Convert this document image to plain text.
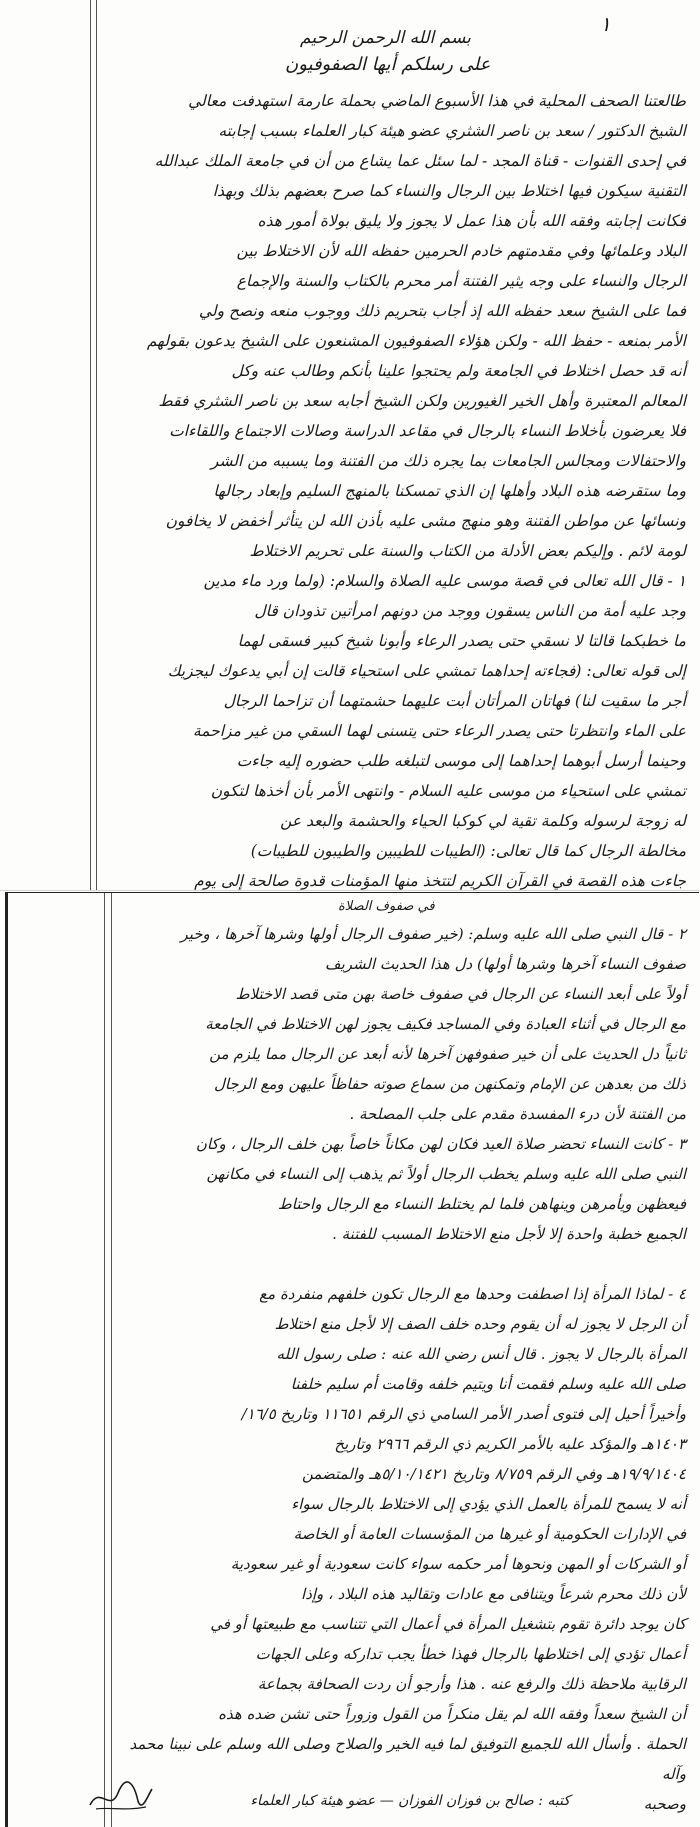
١
بسم الله الرحمن الرحيم
على رسلكم أيها الصفوفيون
طالعتنا الصحف المحلية في هذا الأسبوع الماضي بحملة عارمة استهدفت معالي
الشيخ الدكتور / سعد بن ناصر الشثري عضو هيئة كبار العلماء بسبب إجابته
في إحدى القنوات - قناة المجد - لما سئل عما يشاع من أن في جامعة الملك عبدالله
التقنية سيكون فيها اختلاط بين الرجال والنساء كما صرح بعضهم بذلك وبهذا
فكانت إجابته وفقه الله بأن هذا عمل لا يجوز ولا يليق بولاة أمور هذه
البلاد وعلمائها وفي مقدمتهم خادم الحرمين حفظه الله لأن الاختلاط بين
الرجال والنساء على وجه يثير الفتنة أمر محرم بالكتاب والسنة والإجماع
فما على الشيخ سعد حفظه الله إذ أجاب بتحريم ذلك ووجوب منعه ونصح ولي
الأمر بمنعه - حفظ الله - ولكن هؤلاء الصفوفيون المشنعون على الشيخ يدعون بقولهم
أنه قد حصل اختلاط في الجامعة ولم يحتجوا علينا بأنكم وطالب عنه وكل
المعالم المعتبرة وأهل الخير الغيورين ولكن الشيخ أجابه سعد بن ناصر الشثري فقط
فلا يعرضون بأخلاط النساء بالرجال في مقاعد الدراسة وصالات الاجتماع واللقاءات
والاحتفالات ومجالس الجامعات بما يجره ذلك من الفتنة وما يسببه من الشر
وما ستقرضه هذه البلاد وأهلها إن الذي تمسكنا بالمنهج السليم وإبعاد رجالها
ونسائها عن مواطن الفتنة وهو منهج مشى عليه بأذن الله لن يتأثر أخفض لا يخافون
لومة لائم . وإليكم بعض الأدلة من الكتاب والسنة على تحريم الاختلاط
١ - قال الله تعالى في قصة موسى عليه الصلاة والسلام: (ولما ورد ماء مدين
وجد عليه أمة من الناس يسقون ووجد من دونهم امرأتين تذودان قال
ما خطبكما قالتا لا نسقي حتى يصدر الرعاء وأبونا شيخ كبير فسقى لهما
إلى قوله تعالى: (فجاءته إحداهما تمشي على استحياء قالت إن أبي يدعوك ليجزيك
أجر ما سقيت لنا) فهاتان المرأتان أبت عليهما حشمتهما أن تزاحما الرجال
على الماء وانتظرتا حتى يصدر الرعاء حتى يتسنى لهما السقي من غير مزاحمة
وحينما أرسل أبوهما إحداهما إلى موسى لتبلغه طلب حضوره إليه جاءت
تمشي على استحياء من موسى عليه السلام - وانتهى الأمر بأن أخذها لتكون
له زوجة لرسوله وكلمة تقية لي كوكبا الحياء والحشمة والبعد عن
مخالطة الرجال كما قال تعالى: (الطيبات للطيبين والطيبون للطيبات)
جاءت هذه القصة في القرآن الكريم لتتخذ منها المؤمنات قدوة صالحة إلى يوم
في صفوف الصلاة
٢ - قال النبي صلى الله عليه وسلم: (خير صفوف الرجال أولها وشرها آخرها ، وخير
صفوف النساء آخرها وشرها أولها) دل هذا الحديث الشريف
أولاً على أبعد النساء عن الرجال في صفوف خاصة بهن متى قصد الاختلاط
مع الرجال في أثناء العبادة وفي المساجد فكيف يجوز لهن الاختلاط في الجامعة
ثانياً دل الحديث على أن خير صفوفهن آخرها لأنه أبعد عن الرجال مما يلزم من
ذلك من بعدهن عن الإمام وتمكنهن من سماع صوته حفاظاً عليهن ومع الرجال
من الفتنة لأن درء المفسدة مقدم على جلب المصلحة .
٣ - كانت النساء تحضر صلاة العيد فكان لهن مكاناً خاصاً بهن خلف الرجال ، وكان
النبي صلى الله عليه وسلم يخطب الرجال أولاً ثم يذهب إلى النساء في مكانهن
فيعظهن ويأمرهن وينهاهن فلما لم يختلط النساء مع الرجال واحتاط
الجميع خطبة واحدة إلا لأجل منع الاختلاط المسبب للفتنة .
٤ - لماذا المرأة إذا اصطفت وحدها مع الرجال تكون خلفهم منفردة مع
أن الرجل لا يجوز له أن يقوم وحده خلف الصف إلا لأجل منع اختلاط
المرأة بالرجال لا يجوز . قال أنس رضي الله عنه : صلى رسول الله
صلى الله عليه وسلم فقمت أنا ويتيم خلفه وقامت أم سليم خلفنا
وأخيراً أحيل إلى فتوى أصدر الأمر السامي ذي الرقم ١١٦٥١ وتاريخ ١٦/٥/
١٤٠٣هـ والمؤكد عليه بالأمر الكريم ذي الرقم ٢٩٦٦ وتاريخ
١٩/٩/١٤٠٤هـ وفي الرقم ٨/٧٥٩ وتاريخ ٥/١٠/١٤٢١هـ والمتضمن
أنه لا يسمح للمرأة بالعمل الذي يؤدي إلى الاختلاط بالرجال سواء
في الإدارات الحكومية أو غيرها من المؤسسات العامة أو الخاصة
أو الشركات أو المهن ونحوها أمر حكمه سواء كانت سعودية أو غير سعودية
لأن ذلك محرم شرعاً ويتنافى مع عادات وتقاليد هذه البلاد ، وإذا
كان يوجد دائرة تقوم بتشغيل المرأة في أعمال التي تتناسب مع طبيعتها أو في
أعمال تؤدي إلى اختلاطها بالرجال فهذا خطأ يجب تداركه وعلى الجهات
الرقابية ملاحظة ذلك والرفع عنه . هذا وأرجو أن ردت الصحافة بجماعة
أن الشيخ سعداً وفقه الله لم يقل منكراً من القول وزوراً حتى تشن ضده هذه
الحملة . وأسأل الله للجميع التوفيق لما فيه الخير والصلاح وصلى الله وسلم على نبينا محمد وآله
وصحبه
كتبه : صالح بن فوزان الفوزان — عضو هيئة كبار العلماء
